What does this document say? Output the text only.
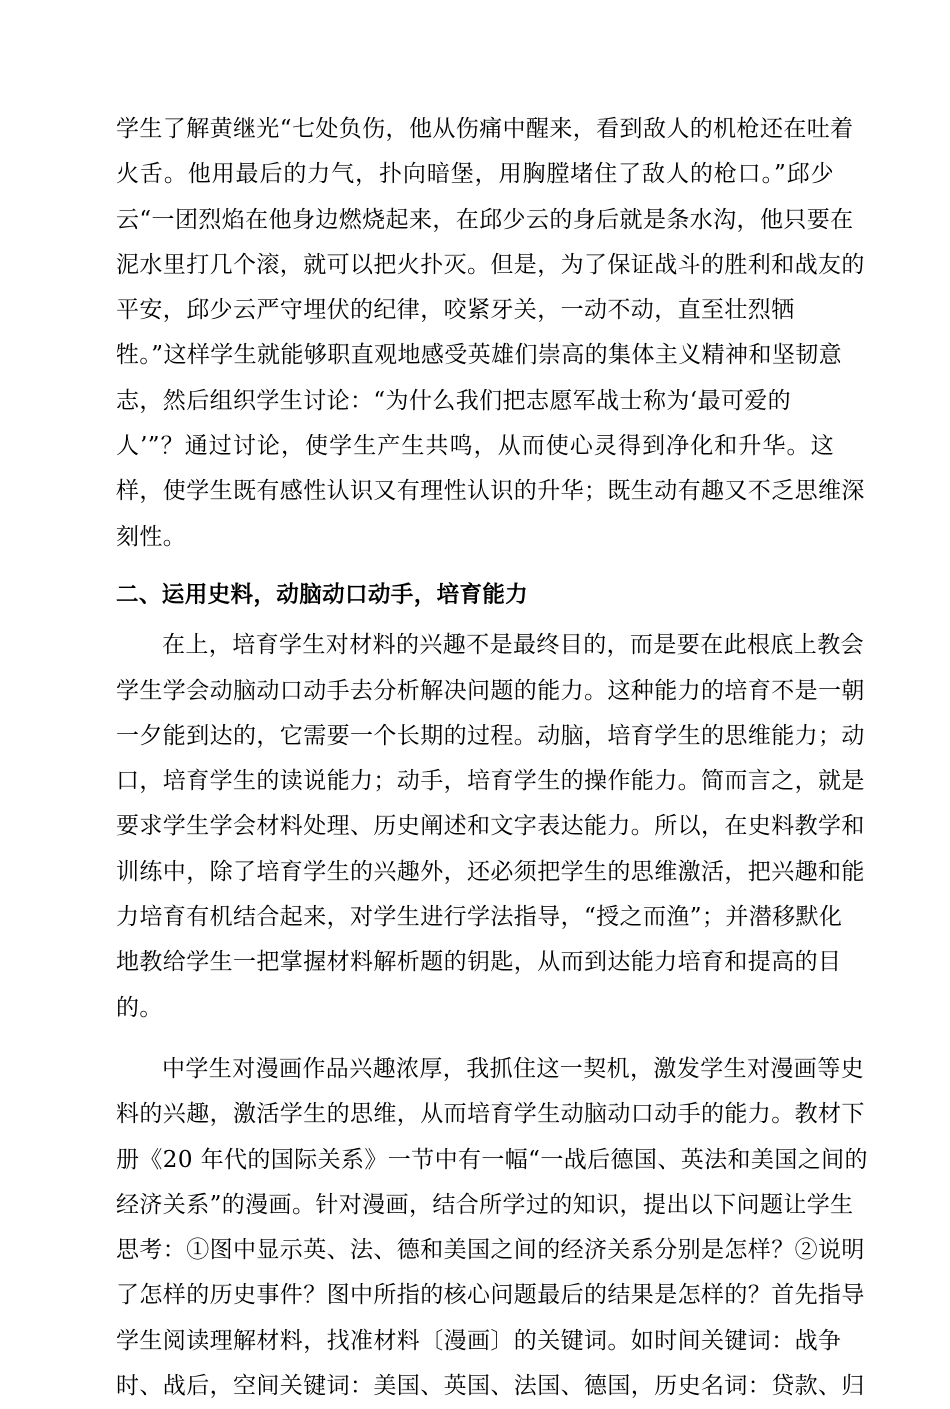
学生了解黄继光“七处负伤，他从伤痛中醒来，看到敌人的机枪还在吐着
火舌。他用最后的力气，扑向暗堡，用胸膛堵住了敌人的枪口。”邱少
云“一团烈焰在他身边燃烧起来，在邱少云的身后就是条水沟，他只要在
泥水里打几个滚，就可以把火扑灭。但是，为了保证战斗的胜利和战友的
平安，邱少云严守埋伏的纪律，咬紧牙关，一动不动，直至壮烈牺
牲。”这样学生就能够职直观地感受英雄们崇高的集体主义精神和坚韧意
志，然后组织学生讨论：“为什么我们把志愿军战士称为‘最可爱的
人’”？通过讨论，使学生产生共鸣，从而使心灵得到净化和升华。这
样，使学生既有感性认识又有理性认识的升华；既生动有趣又不乏思维深
刻性。
二、运用史料，动脑动口动手，培育能力
在上，培育学生对材料的兴趣不是最终目的，而是要在此根底上教会
学生学会动脑动口动手去分析解决问题的能力。这种能力的培育不是一朝
一夕能到达的，它需要一个长期的过程。动脑，培育学生的思维能力；动
口，培育学生的读说能力；动手，培育学生的操作能力。简而言之，就是
要求学生学会材料处理、历史阐述和文字表达能力。所以，在史料教学和
训练中，除了培育学生的兴趣外，还必须把学生的思维激活，把兴趣和能
力培育有机结合起来，对学生进行学法指导，“授之而渔”；并潜移默化
地教给学生一把掌握材料解析题的钥匙，从而到达能力培育和提高的目
的。
中学生对漫画作品兴趣浓厚，我抓住这一契机，激发学生对漫画等史
料的兴趣，激活学生的思维，从而培育学生动脑动口动手的能力。教材下
册《20 年代的国际关系》一节中有一幅“一战后德国、英法和美国之间的
经济关系”的漫画。针对漫画，结合所学过的知识，提出以下问题让学生
思考：①图中显示英、法、德和美国之间的经济关系分别是怎样？②说明
了怎样的历史事件？图中所指的核心问题最后的结果是怎样的？首先指导
学生阅读理解材料，找准材料〔漫画〕的关键词。如时间关键词：战争
时、战后，空间关键词：美国、英国、法国、德国，历史名词：贷款、归
